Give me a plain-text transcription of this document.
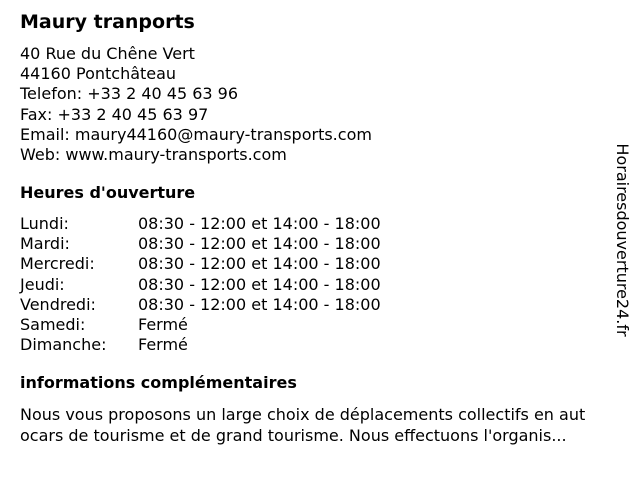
Maury tranports
40 Rue du Chêne Vert
44160 Pontchâteau
Telefon: +33 2 40 45 63 96
Fax: +33 2 40 45 63 97
Email: maury44160@maury-transports.com
Web: www.maury-transports.com
Heures d'ouverture
Lundi:	08:30 - 12:00 et 14:00 - 18:00
Mardi:	08:30 - 12:00 et 14:00 - 18:00
Mercredi:	08:30 - 12:00 et 14:00 - 18:00
Jeudi:	08:30 - 12:00 et 14:00 - 18:00
Vendredi:	08:30 - 12:00 et 14:00 - 18:00
Samedi:	Fermé
Dimanche: Fermé
informations complémentaires
Nous vous proposons un large choix de déplacements collectifs en aut
ocars de tourisme et de grand tourisme. Nous effectuons l'organis...
Horairesdouverture24.fr
